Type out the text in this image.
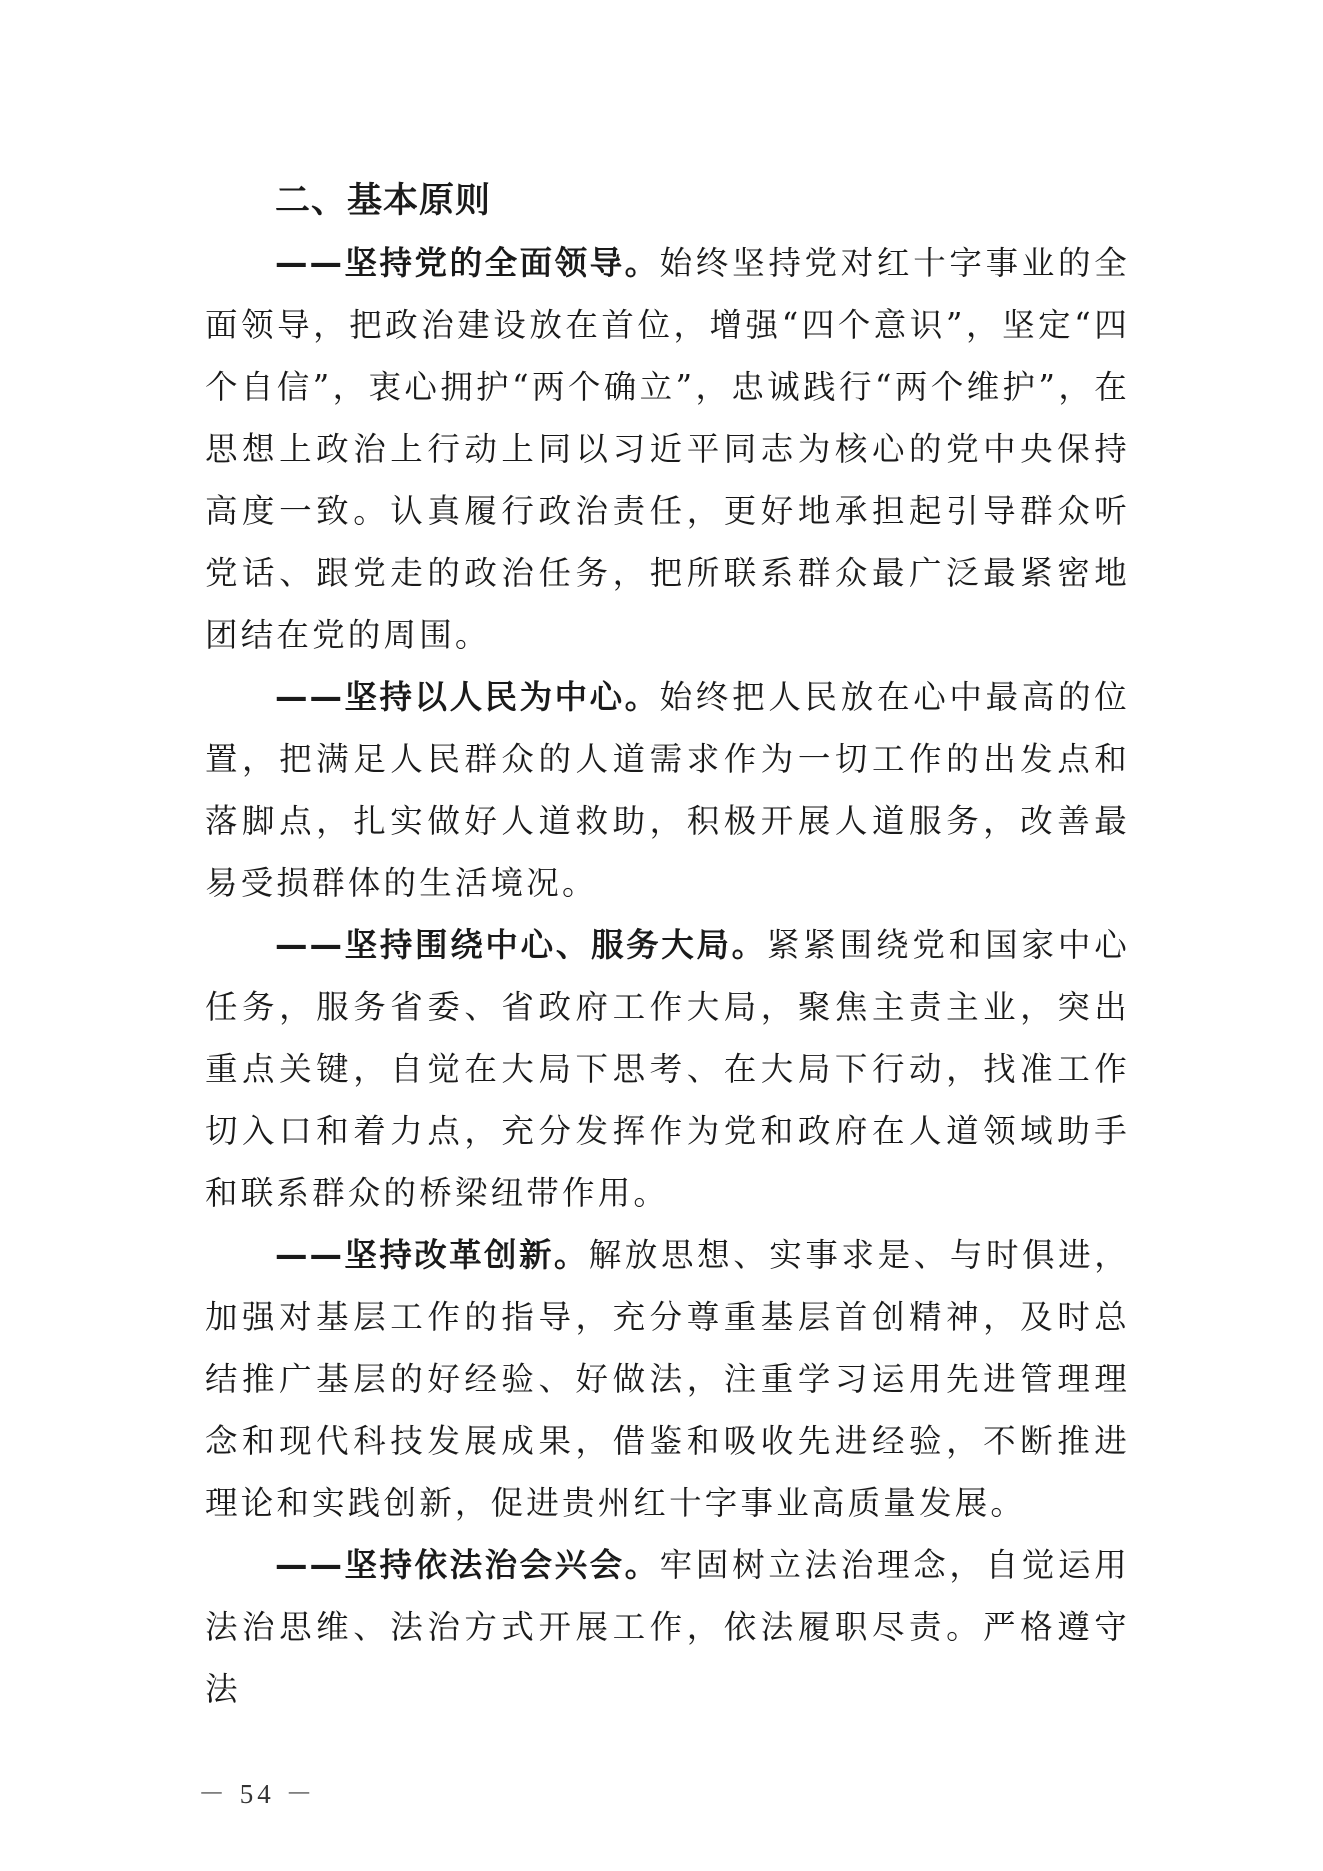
二、基本原则

——坚持党的全面领导。始终坚持党对红十字事业的全面领导，把政治建设放在首位，增强“四个意识”，坚定“四个自信”，衷心拥护“两个确立”，忠诚践行“两个维护”，在思想上政治上行动上同以习近平同志为核心的党中央保持高度一致。认真履行政治责任，更好地承担起引导群众听党话、跟党走的政治任务，把所联系群众最广泛最紧密地团结在党的周围。

——坚持以人民为中心。始终把人民放在心中最高的位置，把满足人民群众的人道需求作为一切工作的出发点和落脚点，扎实做好人道救助，积极开展人道服务，改善最易受损群体的生活境况。

——坚持围绕中心、服务大局。紧紧围绕党和国家中心任务，服务省委、省政府工作大局，聚焦主责主业，突出重点关键，自觉在大局下思考、在大局下行动，找准工作切入口和着力点，充分发挥作为党和政府在人道领域助手和联系群众的桥梁纽带作用。

——坚持改革创新。解放思想、实事求是、与时俱进，加强对基层工作的指导，充分尊重基层首创精神，及时总结推广基层的好经验、好做法，注重学习运用先进管理理念和现代科技发展成果，借鉴和吸收先进经验，不断推进理论和实践创新，促进贵州红十字事业高质量发展。

——坚持依法治会兴会。牢固树立法治理念，自觉运用法治思维、法治方式开展工作，依法履职尽责。严格遵守法

－ 54 －
